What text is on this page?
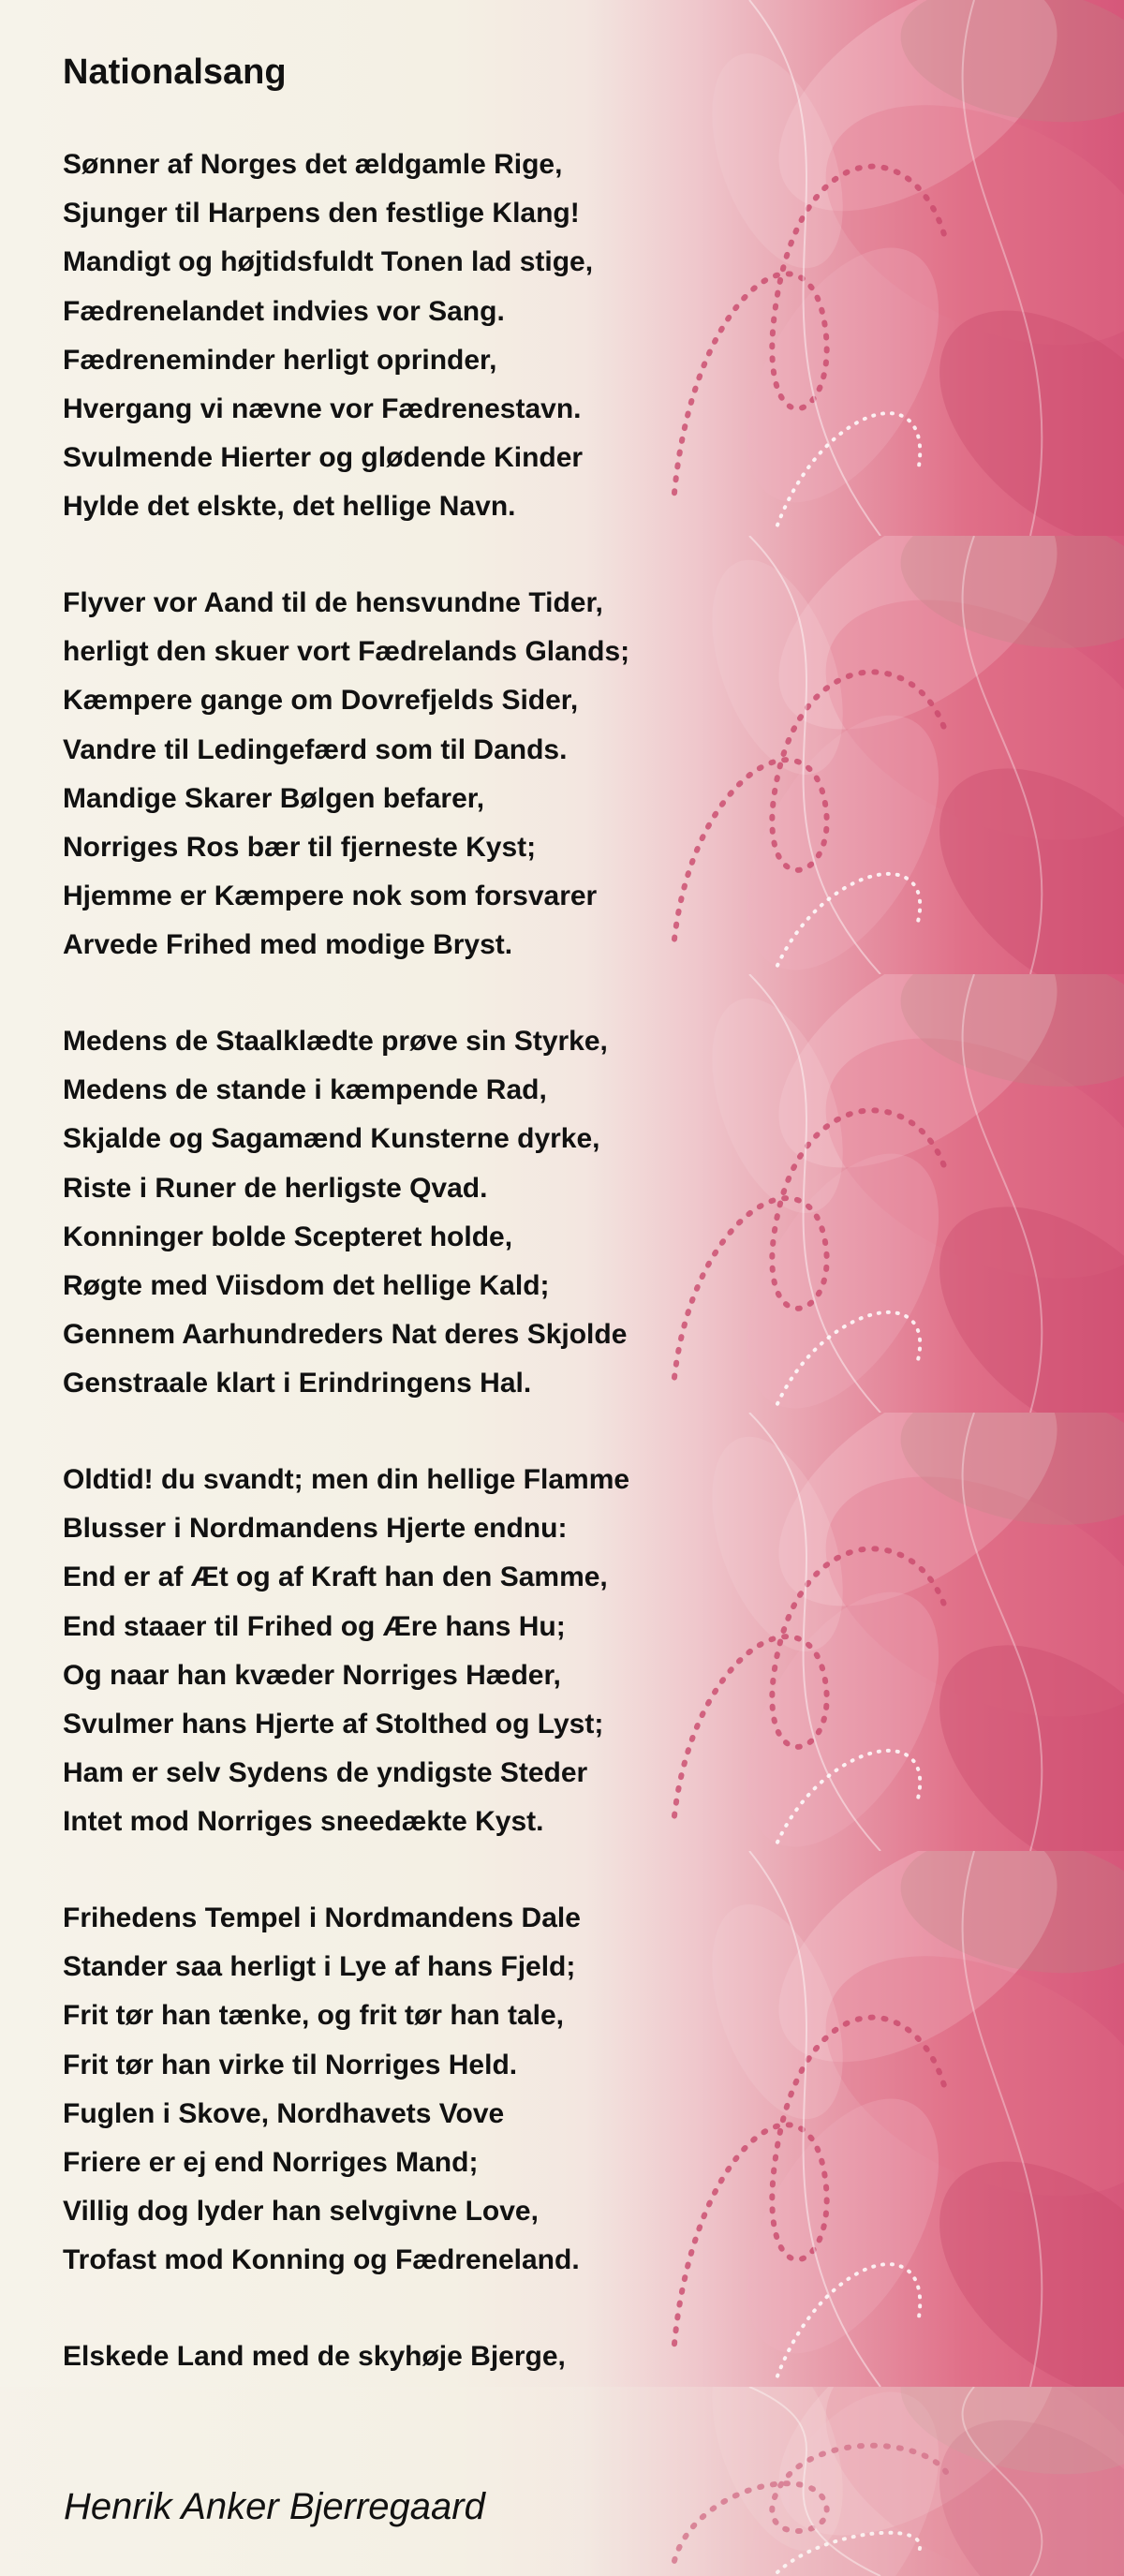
Nationalsang
Sønner af Norges det ældgamle Rige,
Sjunger til Harpens den festlige Klang!
Mandigt og højtidsfuldt Tonen lad stige,
Fædrenelandet indvies vor Sang.
Fædreneminder herligt oprinder,
Hvergang vi nævne vor Fædrenestavn.
Svulmende Hierter og glødende Kinder
Hylde det elskte, det hellige Navn.
Flyver vor Aand til de hensvundne Tider,
herligt den skuer vort Fædrelands Glands;
Kæmpere gange om Dovrefjelds Sider,
Vandre til Ledingefærd som til Dands.
Mandige Skarer Bølgen befarer,
Norriges Ros bær til fjerneste Kyst;
Hjemme er Kæmpere nok som forsvarer
Arvede Frihed med modige Bryst.
Medens de Staalklædte prøve sin Styrke,
Medens de stande i kæmpende Rad,
Skjalde og Sagamænd Kunsterne dyrke,
Riste i Runer de herligste Qvad.
Konninger bolde Scepteret holde,
Røgte med Viisdom det hellige Kald;
Gennem Aarhundreders Nat deres Skjolde
Genstraale klart i Erindringens Hal.
Oldtid! du svandt; men din hellige Flamme
Blusser i Nordmandens Hjerte endnu:
End er af Æt og af Kraft han den Samme,
End staaer til Frihed og Ære hans Hu;
Og naar han kvæder Norriges Hæder,
Svulmer hans Hjerte af Stolthed og Lyst;
Ham er selv Sydens de yndigste Steder
Intet mod Norriges sneedækte Kyst.
Frihedens Tempel i Nordmandens Dale
Stander saa herligt i Lye af hans Fjeld;
Frit tør han tænke, og frit tør han tale,
Frit tør han virke til Norriges Held.
Fuglen i Skove, Nordhavets Vove
Friere er ej end Norriges Mand;
Villig dog lyder han selvgivne Love,
Trofast mod Konning og Fædreneland.
Elskede Land med de skyhøje Bjerge,

Henrik Anker Bjerregaard
